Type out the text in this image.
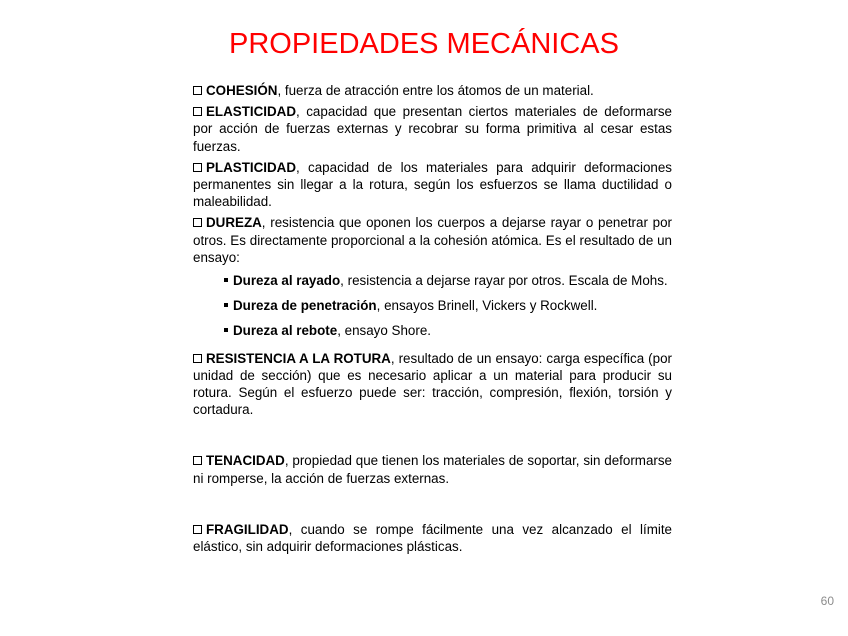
PROPIEDADES MECÁNICAS

COHESIÓN, fuerza de atracción entre los átomos de un material.

ELASTICIDAD, capacidad que presentan ciertos materiales de deformarse por acción de fuerzas externas y recobrar su forma primitiva al cesar estas fuerzas.

PLASTICIDAD, capacidad de los materiales para adquirir deformaciones permanentes sin llegar a la rotura, según los esfuerzos se llama ductilidad o maleabilidad.

DUREZA, resistencia que oponen los cuerpos a dejarse rayar o penetrar por otros. Es directamente proporcional a la cohesión atómica. Es el resultado de un ensayo:

Dureza al rayado, resistencia a dejarse rayar por otros. Escala de Mohs.

Dureza de penetración, ensayos Brinell, Vickers y Rockwell.

Dureza al rebote, ensayo Shore.

RESISTENCIA A LA ROTURA, resultado de un ensayo: carga específica (por unidad de sección) que es necesario aplicar a un material para producir su rotura. Según el esfuerzo puede ser: tracción, compresión, flexión, torsión y cortadura.

TENACIDAD, propiedad que tienen los materiales de soportar, sin deformarse ni romperse, la acción de fuerzas externas.

FRAGILIDAD, cuando se rompe fácilmente una vez alcanzado el límite elástico, sin adquirir deformaciones plásticas.

60
